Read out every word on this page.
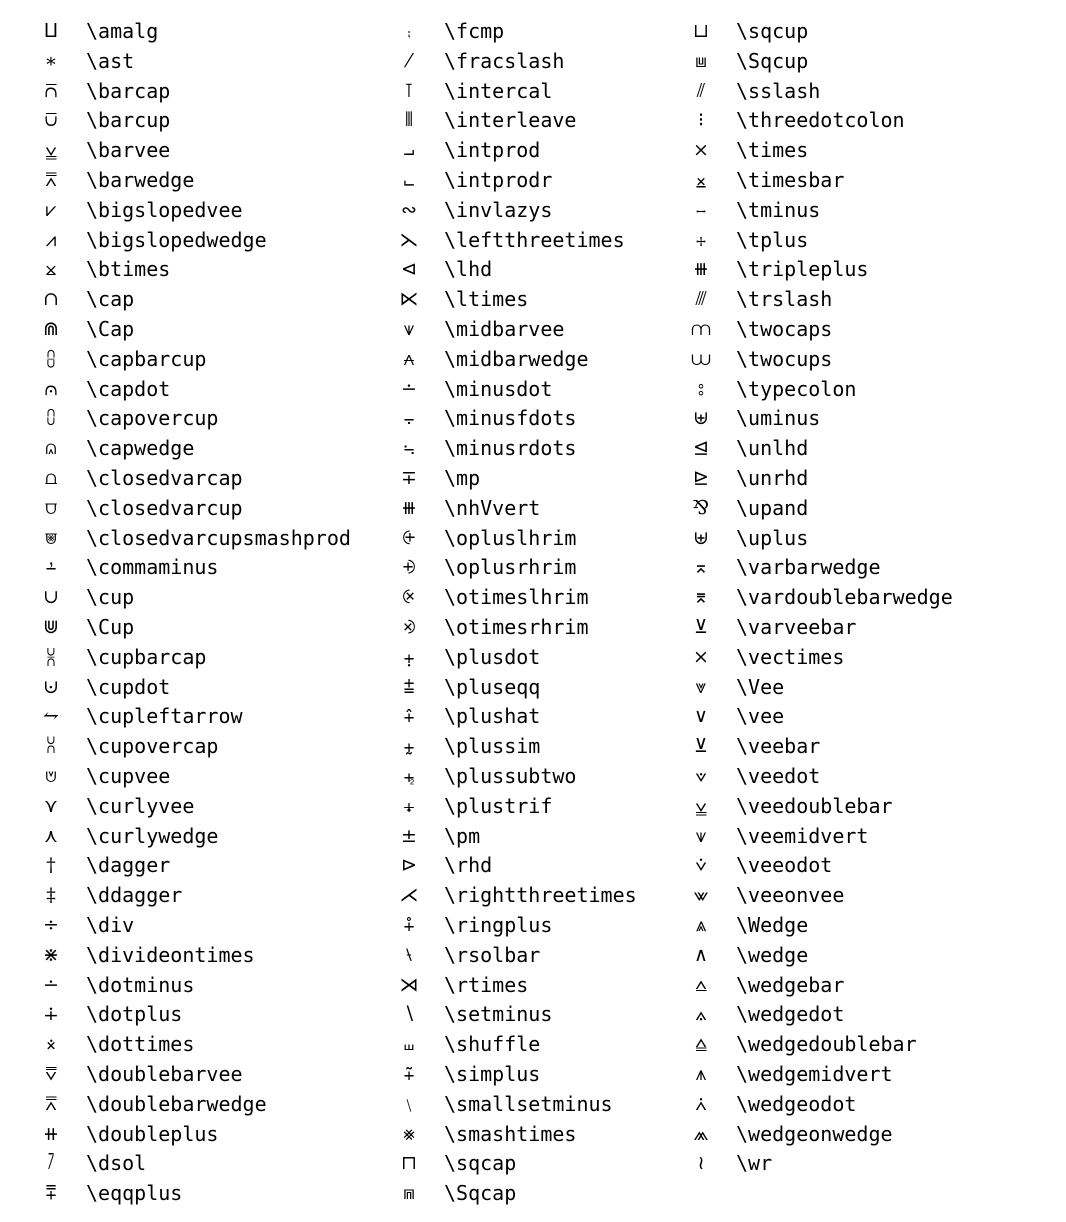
⨿	\amalg
∗	\ast
⩃	\barcap
⩂	\barcup
⩣	\barvee
⩞	\barwedge
⩗	\bigslopedvee
⩘	\bigslopedwedge
⨲	\btimes
∩	\cap
⋒	\Cap
⩉	\capbarcup
⩀	\capdot
⩇	\capovercup
⩄	\capwedge
⩍	\closedvarcap
⩌	\closedvarcup
⩐	\closedvarcupsmashprod
⨩	\commaminus
∪	\cup
⋓	\Cup
⩈	\cupbarcap
⊍	\cupdot
⥊	\cupleftarrow
⩆	\cupovercap
⩅	\cupvee
⋎	\curlyvee
⋏	\curlywedge
†	\dagger
‡	\ddagger
÷	\div
⋇	\divideontimes
∸	\dotminus
∔	\dotplus
⨰	\dottimes
⩢	\doublebarvee
⩞	\doublebarwedge
⧺	\doubleplus
⧶	\dsol
⩱	\eqqplus
⨾	\fcmp
⁄	\fracslash
⊺	\intercal
⫴	\interleave
⨼	\intprod
⨽	\intprodr
∾	\invlazys
⋋ \leftthreetimes
⊲	\lhd
⋉ \ltimes
⩛	\midbarvee
⩜	\midbarwedge
∸	\minusdot
⨪	\minusfdots
⨫	\minusrdots
∓	\mp
⧻	\nhVvert
⨭	\opluslhrim
⨮	\oplusrhrim
⨴	\otimeslhrim
⨵	\otimesrhrim
⨥	\plusdot
⩲	\pluseqq
⨣	\plushat
⨦	\plussim
⨧	\plussubtwo
⨨	\plustrif
±	\pm
⊳	\rhd
⋌ \rightthreetimes
⨢	\ringplus
⧷	\rsolbar
⋊ \rtimes
∖	\setminus
⧢	\shuffle
⨤	\simplus
﹨ \smallsetminus
⨳	\smashtimes
⊓	\sqcap
⩎	\Sqcap
⊔	\sqcup
⩏	\Sqcup
⫽	\sslash
⁝	\threedotcolon
×	\times
⨱	\timesbar
⧿	\tminus
⧾	\tplus
⧻	\tripleplus
⫻	\trslash
⩋ \twocaps
⩊ \twocups
⦂	\typecolon
⊎	\uminus
⊴	\unlhd
⊵	\unrhd
⅋	\upand
⊎	\uplus
⌅	\varbarwedge
⌆	\vardoublebarwedge
⊻	\varveebar
⨯	\vectimes
⩔	\Vee
∨	\vee
⊻	\veebar
⟇	\veedot
⩣	\veedoublebar
⩛	\veemidvert
⩒	\veeodot
⩖	\veeonvee
⩓	\Wedge
∧	\wedge
⩟	\wedgebar
⟑	\wedgedot
⩠	\wedgedoublebar
⩚	\wedgemidvert
⩑	\wedgeodot
⩕	\wedgeonwedge
≀	\wr
